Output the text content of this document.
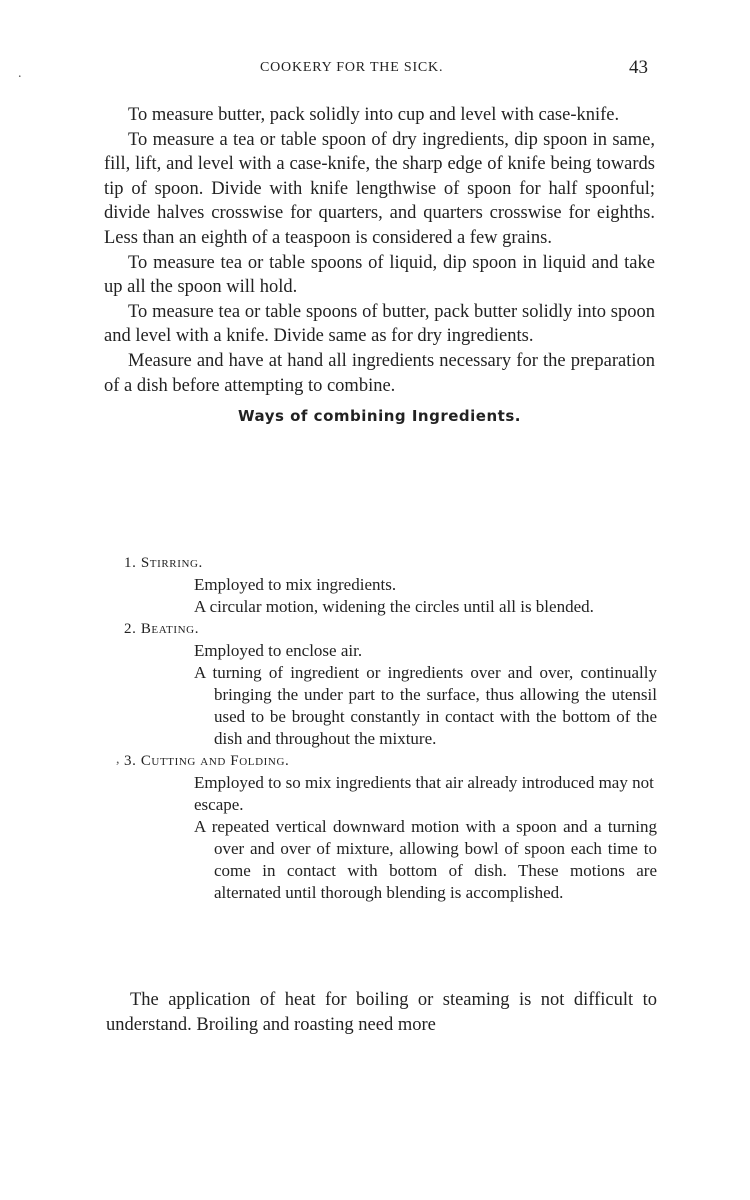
.
,
COOKERY FOR THE SICK.	43

To measure butter, pack solidly into cup and level with case-knife.

To measure a tea or table spoon of dry ingredients, dip spoon in same, fill, lift, and level with a case-knife, the sharp edge of knife being towards tip of spoon. Divide with knife lengthwise of spoon for half spoonful; divide halves crosswise for quarters, and quarters crosswise for eighths. Less than an eighth of a teaspoon is considered a few grains.

To measure tea or table spoons of liquid, dip spoon in liquid and take up all the spoon will hold.

To measure tea or table spoons of butter, pack butter solidly into spoon and level with a knife. Divide same as for dry ingredients.

Measure and have at hand all ingredients necessary for the preparation of a dish before attempting to combine.

Ways of combining Ingredients.
1. Stirring.
Employed to mix ingredients.
A circular motion, widening the circles until all is blended.
2. Beating.
Employed to enclose air.
A turning of ingredient or ingredients over and over, continually bringing the under part to the surface, thus allowing the utensil used to be brought constantly in contact with the bottom of the dish and throughout the mixture.
3. Cutting and Folding.
Employed to so mix ingredients that air already introduced may not escape.
A repeated vertical downward motion with a spoon and a turning over and over of mixture, allowing bowl of spoon each time to come in contact with bottom of dish. These motions are alternated until thorough blending is accomplished.

The application of heat for boiling or steaming is not difficult to understand. Broiling and roasting need more
